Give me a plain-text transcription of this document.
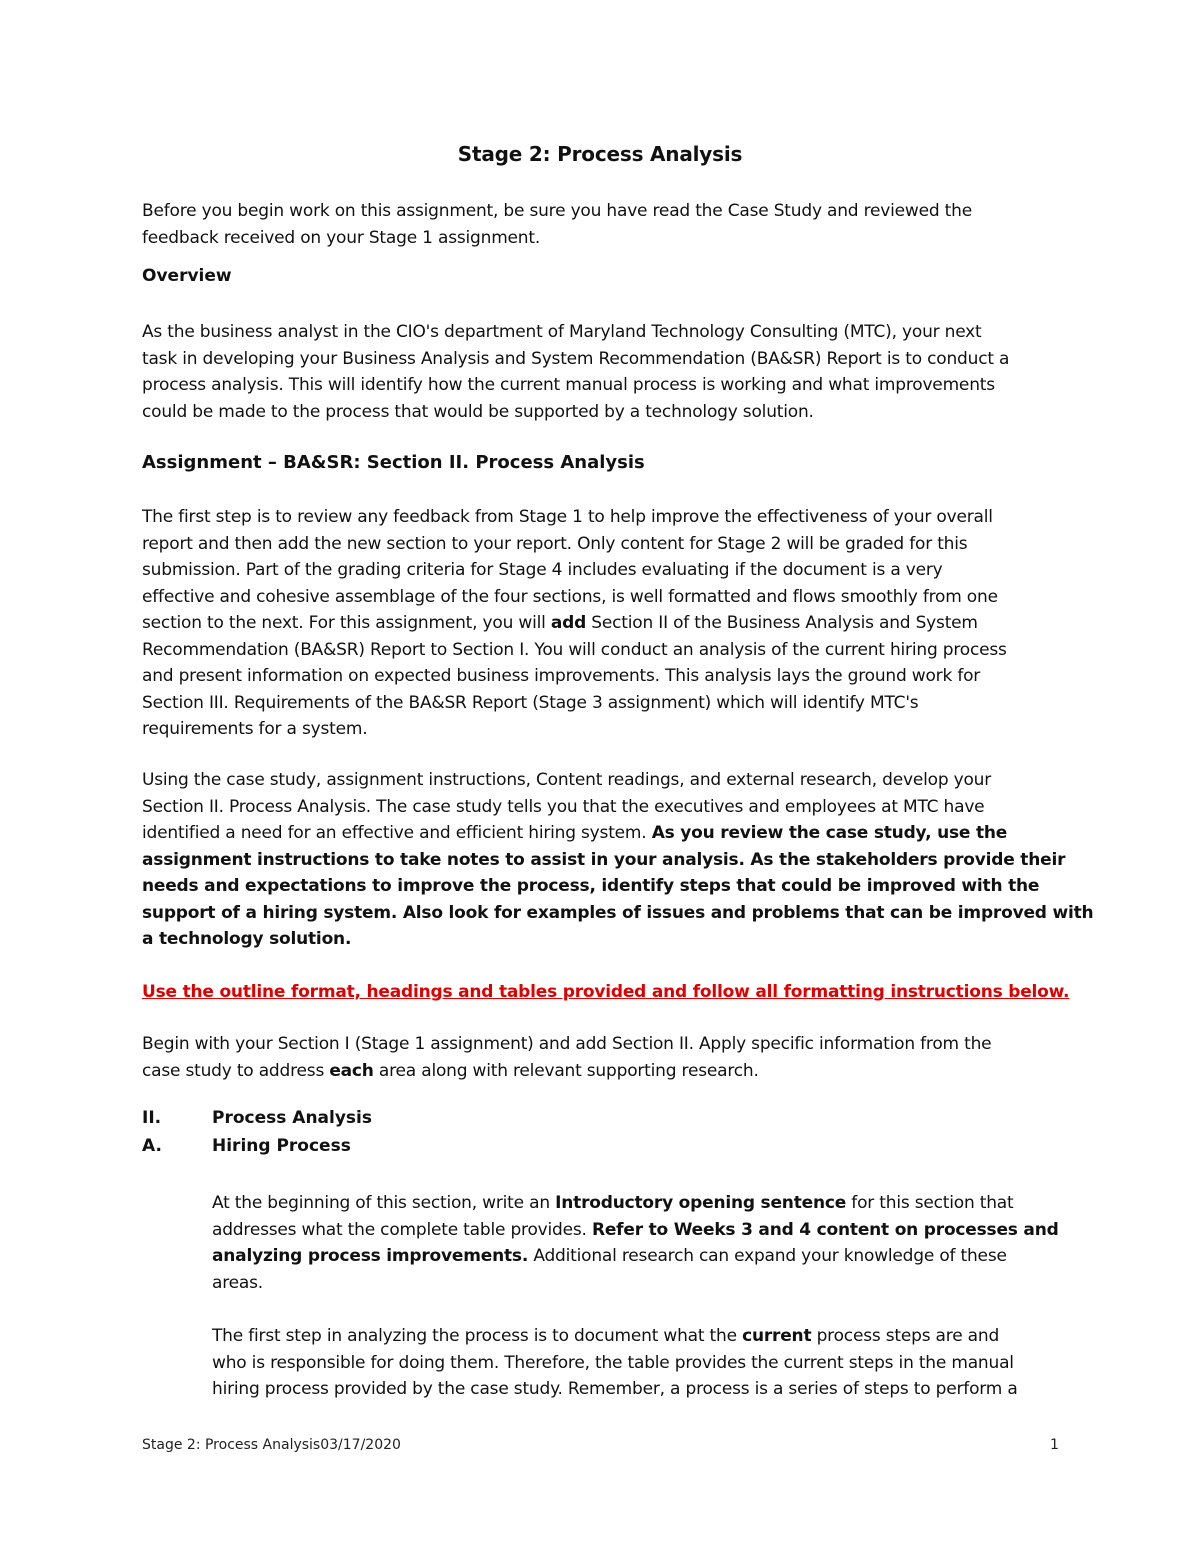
Stage 2: Process Analysis
Before you begin work on this assignment, be sure you have read the Case Study and reviewed the
feedback received on your Stage 1 assignment.
Overview
As the business analyst in the CIO's department of Maryland Technology Consulting (MTC), your next
task in developing your Business Analysis and System Recommendation (BA&SR) Report is to conduct a
process analysis. This will identify how the current manual process is working and what improvements
could be made to the process that would be supported by a technology solution.
Assignment – BA&SR: Section II. Process Analysis
The first step is to review any feedback from Stage 1 to help improve the effectiveness of your overall
report and then add the new section to your report. Only content for Stage 2 will be graded for this
submission. Part of the grading criteria for Stage 4 includes evaluating if the document is a very
effective and cohesive assemblage of the four sections, is well formatted and flows smoothly from one
section to the next. For this assignment, you will add Section II of the Business Analysis and System
Recommendation (BA&SR) Report to Section I. You will conduct an analysis of the current hiring process
and present information on expected business improvements. This analysis lays the ground work for
Section III. Requirements of the BA&SR Report (Stage 3 assignment) which will identify MTC's
requirements for a system.
Using the case study, assignment instructions, Content readings, and external research, develop your
Section II. Process Analysis. The case study tells you that the executives and employees at MTC have
identified a need for an effective and efficient hiring system. As you review the case study, use the
assignment instructions to take notes to assist in your analysis. As the stakeholders provide their
needs and expectations to improve the process, identify steps that could be improved with the
support of a hiring system. Also look for examples of issues and problems that can be improved with
a technology solution.
Use the outline format, headings and tables provided and follow all formatting instructions below.
Begin with your Section I (Stage 1 assignment) and add Section II. Apply specific information from the
case study to address each area along with relevant supporting research.
II.	Process Analysis
A.	Hiring Process
At the beginning of this section, write an Introductory opening sentence for this section that
addresses what the complete table provides. Refer to Weeks 3 and 4 content on processes and
analyzing process improvements. Additional research can expand your knowledge of these
areas.
The first step in analyzing the process is to document what the current process steps are and
who is responsible for doing them. Therefore, the table provides the current steps in the manual
hiring process provided by the case study. Remember, a process is a series of steps to perform a
Stage 2: Process Analysis03/17/2020	1
